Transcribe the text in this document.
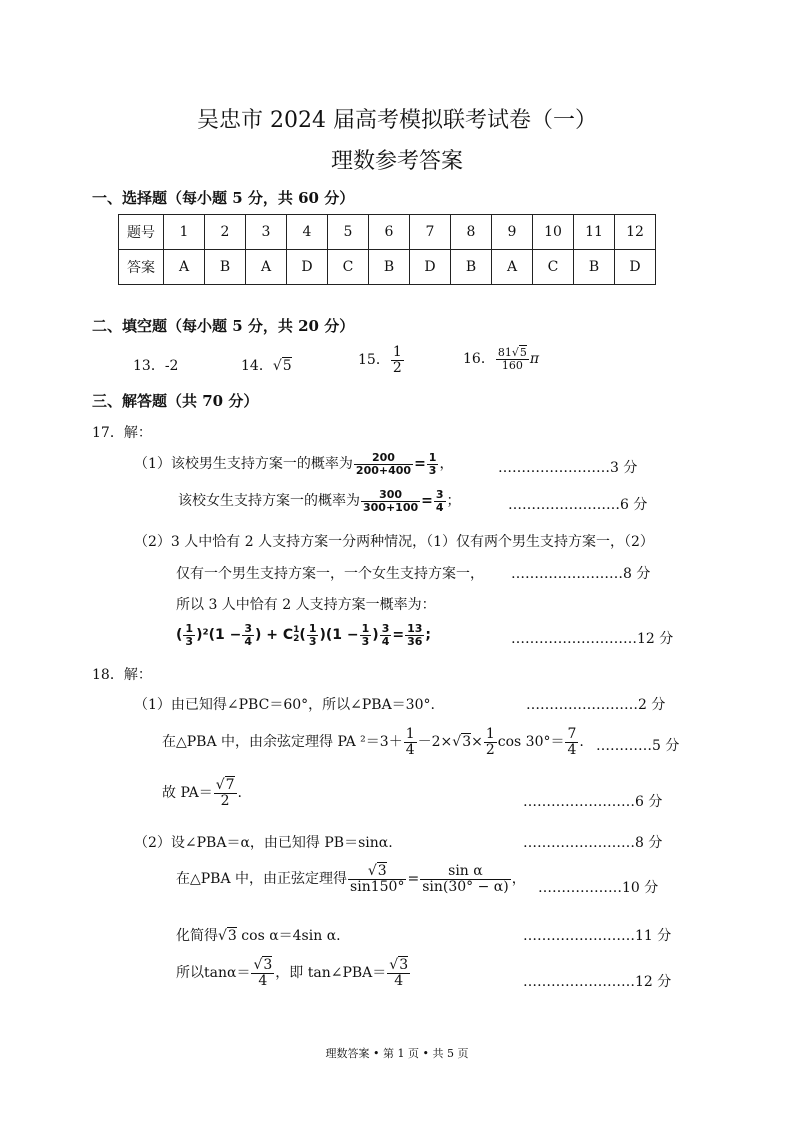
吴忠市 2024 届高考模拟联考试卷（一）
理数参考答案
一、选择题（每小题 5 分，共 60 分）
题号	1	2	3	4	5	6	7	8	9	10	11	12
答案	A	B	A	D	C	B	D	B	A	C	B	D
二、填空题（每小题 5 分，共 20 分）
13．-2	14．√5	15． $\frac{1}{2}$	16． $\frac{81√5}{160}$ π
三、解答题（共 70 分）
17．解：
（1）该校男生支持方案一的概率为 $\frac{200}{200+400} = \frac{1}{3}$ ，	……………………3 分
该校女生支持方案一的概率为 $\frac{300}{300+100} = \frac{3}{4}$ ；	……………………6 分
（2）3 人中恰有 2 人支持方案一分两种情况，（1）仅有两个男生支持方案一，（2）
仅有一个男生支持方案一，一个女生支持方案一， ……………………8 分
所以 3 人中恰有 2 人支持方案一概率为：
( $\frac{1}{3} )^2(1 - \frac{3}{4}$ ) + C 1
2 ( $\frac{1}{3} )(1 - \frac{1}{3}$ ) $\frac{3}{4} = \frac{13}{36}$ ;	………………………12 分
18．解：
（1）由已知得∠PBC＝60°，所以∠PBA＝30°.	……………………2 分
在△PBA 中，由余弦定理得 PA $^2=3+ \frac{1}{4} -2\times√3\times \frac{1}{2}$ $\cos 30^\circ= \frac{7}{4}$ . …………5 分
故 $PA= \frac{√7}{2}$ .
……………………6 分
（2）设∠PBA＝α，由已知得 PB＝sinα.	……………………8 分
在△PBA 中，由正弦定理得 $\frac{√3}{\sin 150^\circ} = \frac{\text{sin α}}{\sin(30^\circ - \alpha)}$ ，
………………10 分
化简得√3 cos α＝4sin α.	……………………11 分
所以$\tan\alpha= \frac{√3}{4}$ ，即 tan∠PBA＝ $\frac{√3}{4}$	……………………12 分
理数答案 • 第 1 页 • 共 5 页
